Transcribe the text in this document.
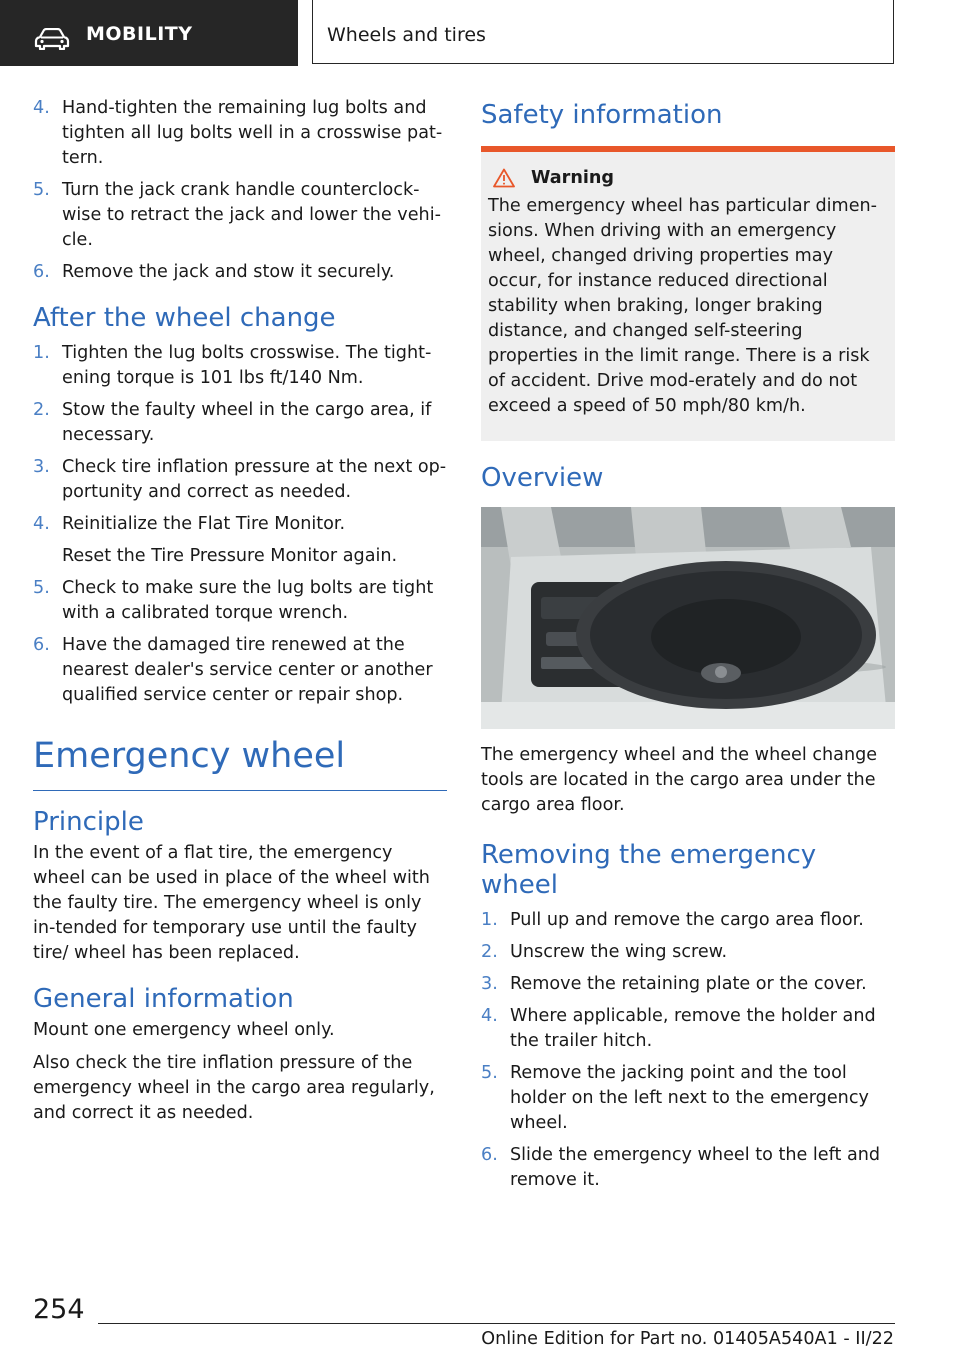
MOBILITY	Wheels and tires
4. Hand-tighten the remaining lug bolts and tighten all lug bolts well in a crosswise pat-tern.
5. Turn the jack crank handle counterclock-wise to retract the jack and lower the vehi-cle.
6. Remove the jack and stow it securely.
After the wheel change
1. Tighten the lug bolts crosswise. The tight-ening torque is 101 lbs ft/140 Nm.
2. Stow the faulty wheel in the cargo area, if necessary.
3. Check tire inflation pressure at the next op-portunity and correct as needed.
4. Reinitialize the Flat Tire Monitor.

Reset the Tire Pressure Monitor again.

5. Check to make sure the lug bolts are tight with a calibrated torque wrench.
6. Have the damaged tire renewed at the nearest dealer's service center or another qualified service center or repair shop.
Emergency wheel
Principle

In the event of a flat tire, the emergency wheel can be used in place of the wheel with the faulty tire. The emergency wheel is only in-tended for temporary use until the faulty tire/ wheel has been replaced.

General information

Mount one emergency wheel only.

Also check the tire inflation pressure of the emergency wheel in the cargo area regularly, and correct it as needed.

Safety information
Warning

The emergency wheel has particular dimen-sions. When driving with an emergency wheel, changed driving properties may occur, for instance reduced directional stability when braking, longer braking distance, and changed self-steering properties in the limit range. There is a risk of accident. Drive mod-erately and do not exceed a speed of 50 mph/80 km/h.

Overview

The emergency wheel and the wheel change tools are located in the cargo area under the cargo area floor.

Removing the emergency wheel
1. Pull up and remove the cargo area floor.
2. Unscrew the wing screw.
3. Remove the retaining plate or the cover.
4. Where applicable, remove the holder and the trailer hitch.
5. Remove the jacking point and the tool holder on the left next to the emergency wheel.
6. Slide the emergency wheel to the left and remove it.
254
Online Edition for Part no. 01405A540A1 - II/22
